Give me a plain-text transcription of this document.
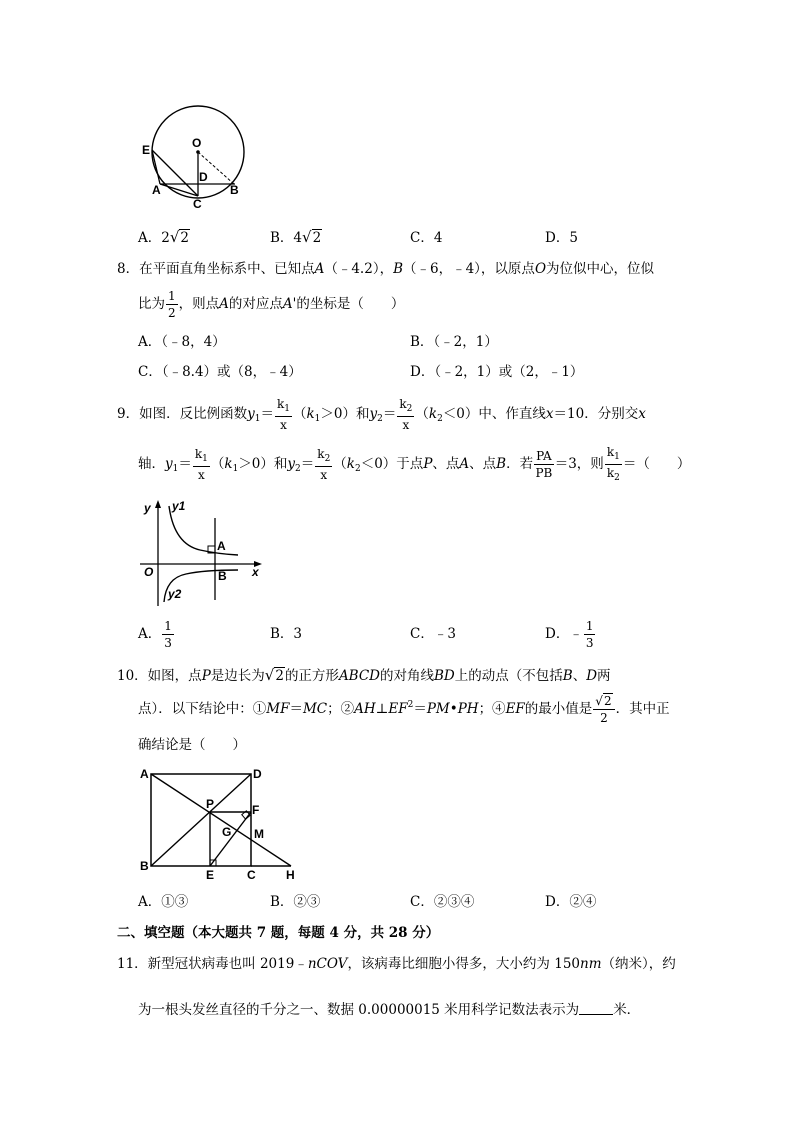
O
E
D
A	B
C
A．2√2	B．4√2	C．4	D．5
8．在平面直角坐标系中、已知点A（﹣4.2），B（﹣6，﹣4），以原点O为位似中心，位似
比为 $\frac{1}{2}$ ，则点A的对应点A'的坐标是（　　）
A．（﹣8，4）	B．（﹣2，1）
C．（﹣8.4）或（8，﹣4）	D．（﹣2，1）或（2，﹣1）
9．如图．反比例函数$y_1= \frac{k_1}{x} (k_1>0)$和$y_2= \frac{k_2}{x} (k_2<0)$中、作直线x＝10．分别交x
轴．$y_1= \frac{k_1}{x} (k_1>0)$和$y_2= \frac{k_2}{x} (k_2<0)$于点P、点A、点B．若 $\frac{PA}{PB} =3$，则 $\frac{k_1}{k_2}$ ＝（　　）
y y1
A
O	B x
y2
A． $\frac{1}{3}$	B．3	C．﹣3	D．﹣ $\frac{1}{3}$
10．如图，点P是边长为√2的正方形ABCD的对角线BD上的动点（不包括B、D两
点）．以下结论中：①MF＝MC；$②AH\perp EF^2=PM•PH$；④EF的最小值是 $\frac{√2}{2}$ ．其中正
确结论是（　　）
A	D
P	F
G M
B
E	C	H
A．①③	B．②③	C．②③④	D．②④
二、填空题（本大题共 7 题，每题 4 分，共 28 分）
11．新型冠状病毒也叫 2019﹣nCOV，该病毒比细胞小得多，大小约为 150nm（纳米），约
为一根头发丝直径的千分之一、数据 0.00000015 米用科学记数法表示为	米．
